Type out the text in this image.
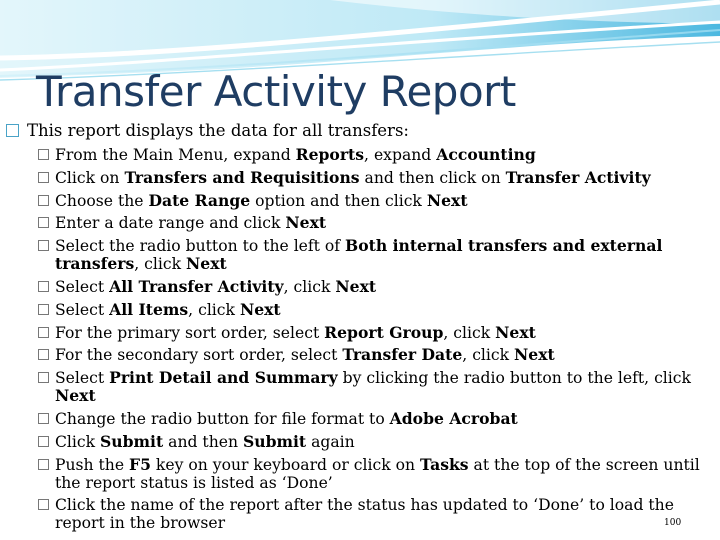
Transfer Activity Report
This report displays the data for all transfers:
From the Main Menu, expand Reports, expand Accounting
Click on Transfers and Requisitions and then click on Transfer Activity
Choose the Date Range option and then click Next
Enter a date range and click Next
Select the radio button to the left of Both internal transfers and external transfers, click Next
Select All Transfer Activity, click Next
Select All Items, click Next
For the primary sort order, select Report Group, click Next
For the secondary sort order, select Transfer Date, click Next
Select Print Detail and Summary by clicking the radio button to the left, click Next
Change the radio button for file format to Adobe Acrobat
Click Submit and then Submit again
Push the F5 key on your keyboard or click on Tasks at the top of the screen until the report status is listed as ‘Done’
Click the name of the report after the status has updated to ‘Done’ to load the report in the browser	100
